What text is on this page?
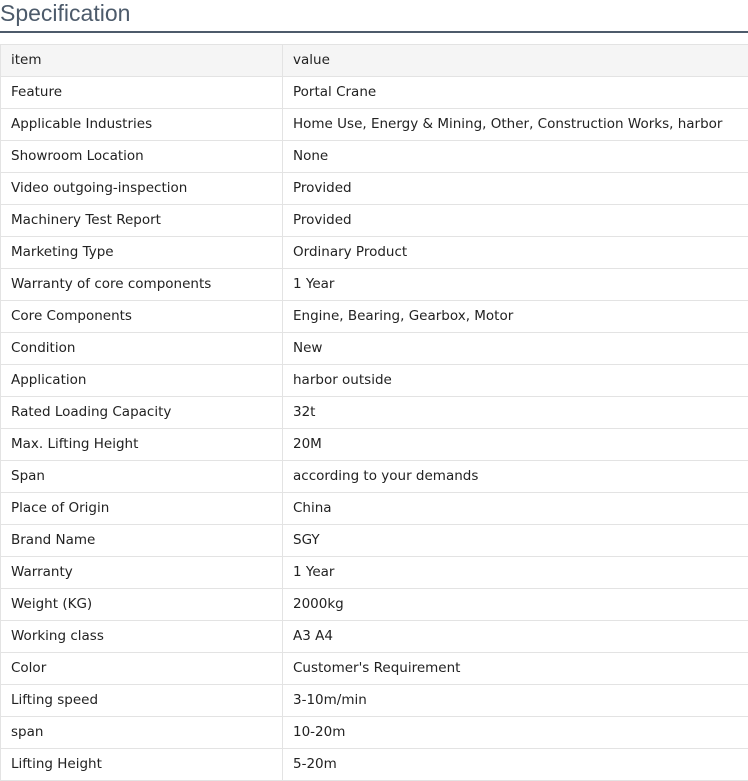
Specification
item	value
Feature	Portal Crane
Applicable Industries	Home Use, Energy & Mining, Other, Construction Works, harbor
Showroom Location	None
Video outgoing-inspection	Provided
Machinery Test Report	Provided
Marketing Type	Ordinary Product
Warranty of core components	1 Year
Core Components	Engine, Bearing, Gearbox, Motor
Condition	New
Application	harbor outside
Rated Loading Capacity	32t
Max. Lifting Height	20M
Span	according to your demands
Place of Origin	China
Brand Name	SGY
Warranty	1 Year
Weight (KG)	2000kg
Working class	A3 A4
Color	Customer's Requirement
Lifting speed	3-10m/min
span	10-20m
Lifting Height	5-20m
